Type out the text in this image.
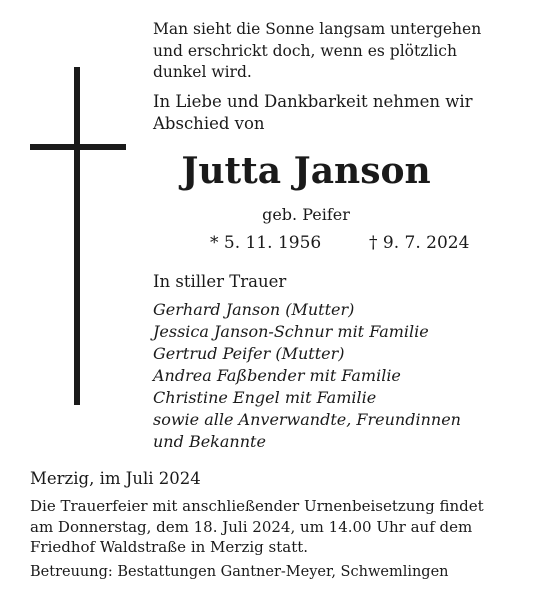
Man sieht die Sonne langsam untergehen
und erschrickt doch, wenn es plötzlich
dunkel wird.
In Liebe und Dankbarkeit nehmen wir
Abschied von
Jutta Janson
geb. Peifer
* 5. 11. 1956	† 9. 7. 2024
In stiller Trauer
Gerhard Janson (Mutter)
Jessica Janson-Schnur mit Familie
Gertrud Peifer (Mutter)
Andrea Faßbender mit Familie
Christine Engel mit Familie
sowie alle Anverwandte, Freundinnen
und Bekannte
Merzig, im Juli 2024
Die Trauerfeier mit anschließender Urnenbeisetzung findet
am Donnerstag, dem 18. Juli 2024, um 14.00 Uhr auf dem
Friedhof Waldstraße in Merzig statt.
Betreuung: Bestattungen Gantner-Meyer, Schwemlingen
